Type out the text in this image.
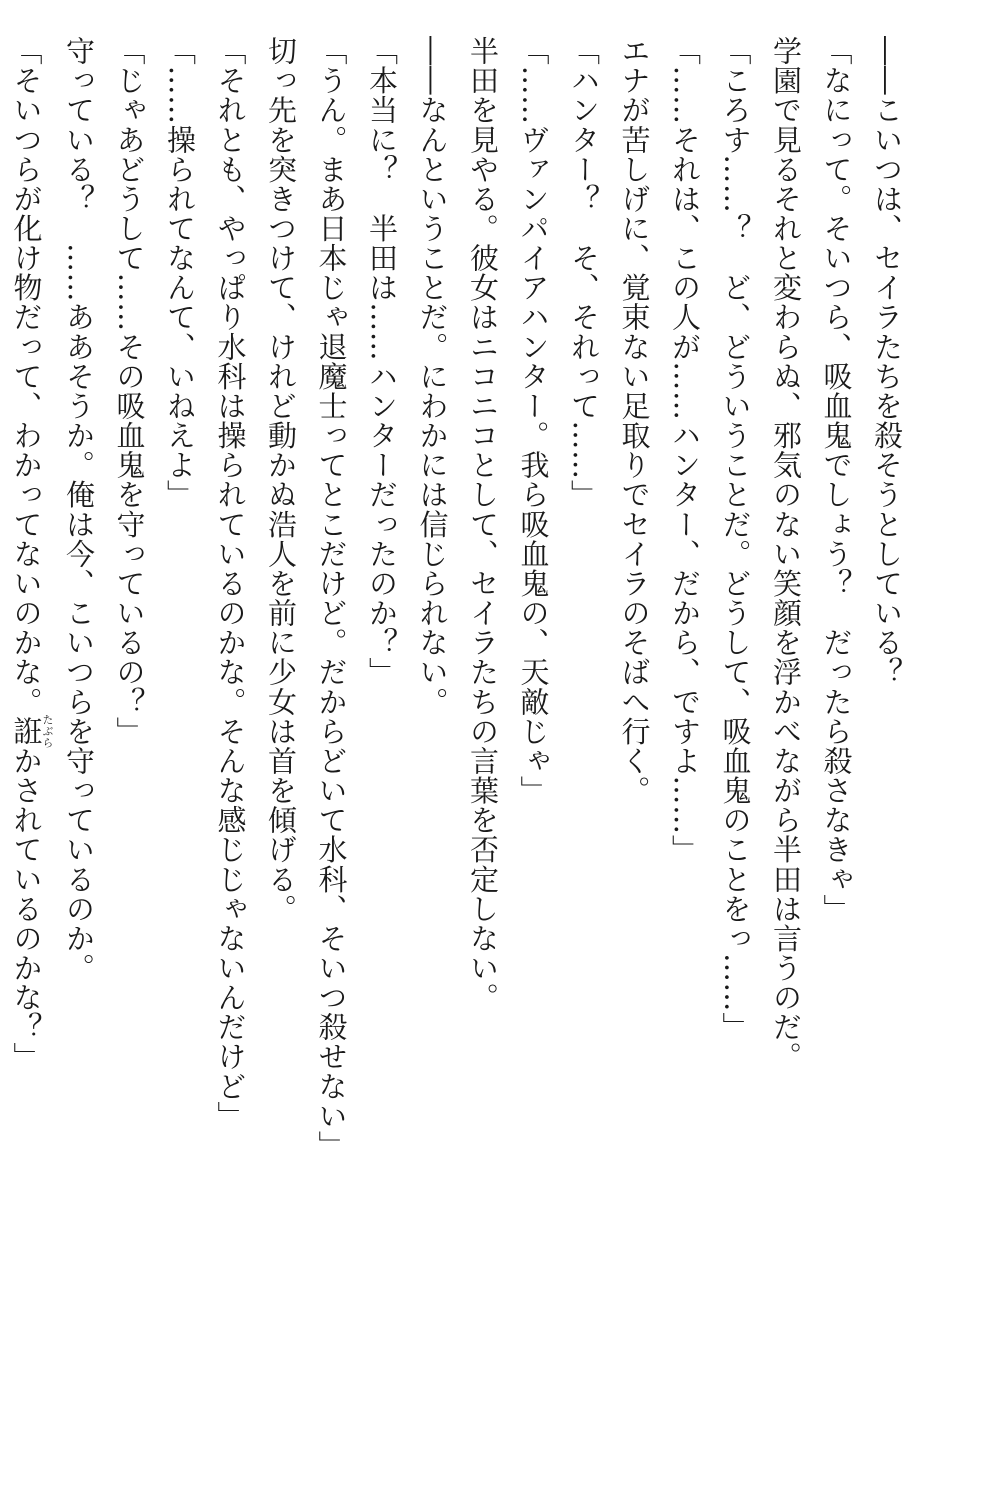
――こいつは、セイラたちを殺そうとしている？

「なにって。そいつら、吸血鬼でしょう？　だったら殺さなきゃ」

学園で見るそれと変わらぬ、邪気のない笑顔を浮かべながら半田は言うのだ。

「ころす……？　ど、どういうことだ。どうして、吸血鬼のことをっ……」

「……それは、この人が……ハンター、だから、ですよ……」

エナが苦しげに、覚束ない足取りでセイラのそばへ行く。

「ハンター？　そ、それって……」

「……ヴァンパイアハンター。我ら吸血鬼の、天敵じゃ」

半田を見やる。彼女はニコニコとして、セイラたちの言葉を否定しない。

――なんということだ。にわかには信じられない。

「本当に？　半田は……ハンターだったのか？」

「うん。まあ日本じゃ退魔士ってとこだけど。だからどいて水科、そいつ殺せない」

切っ先を突きつけて、けれど動かぬ浩人を前に少女は首を傾げる。

「それとも、やっぱり水科は操られているのかな。そんな感じじゃないんだけど」

「……操られてなんて、いねえよ」

「じゃあどうして……その吸血鬼を守っているの？」

守っている？　……ああそうか。俺は今、こいつらを守っているのか。

「そいつらが化け物だって、わかってないのかな。誑たぶらかされているのかな？」
